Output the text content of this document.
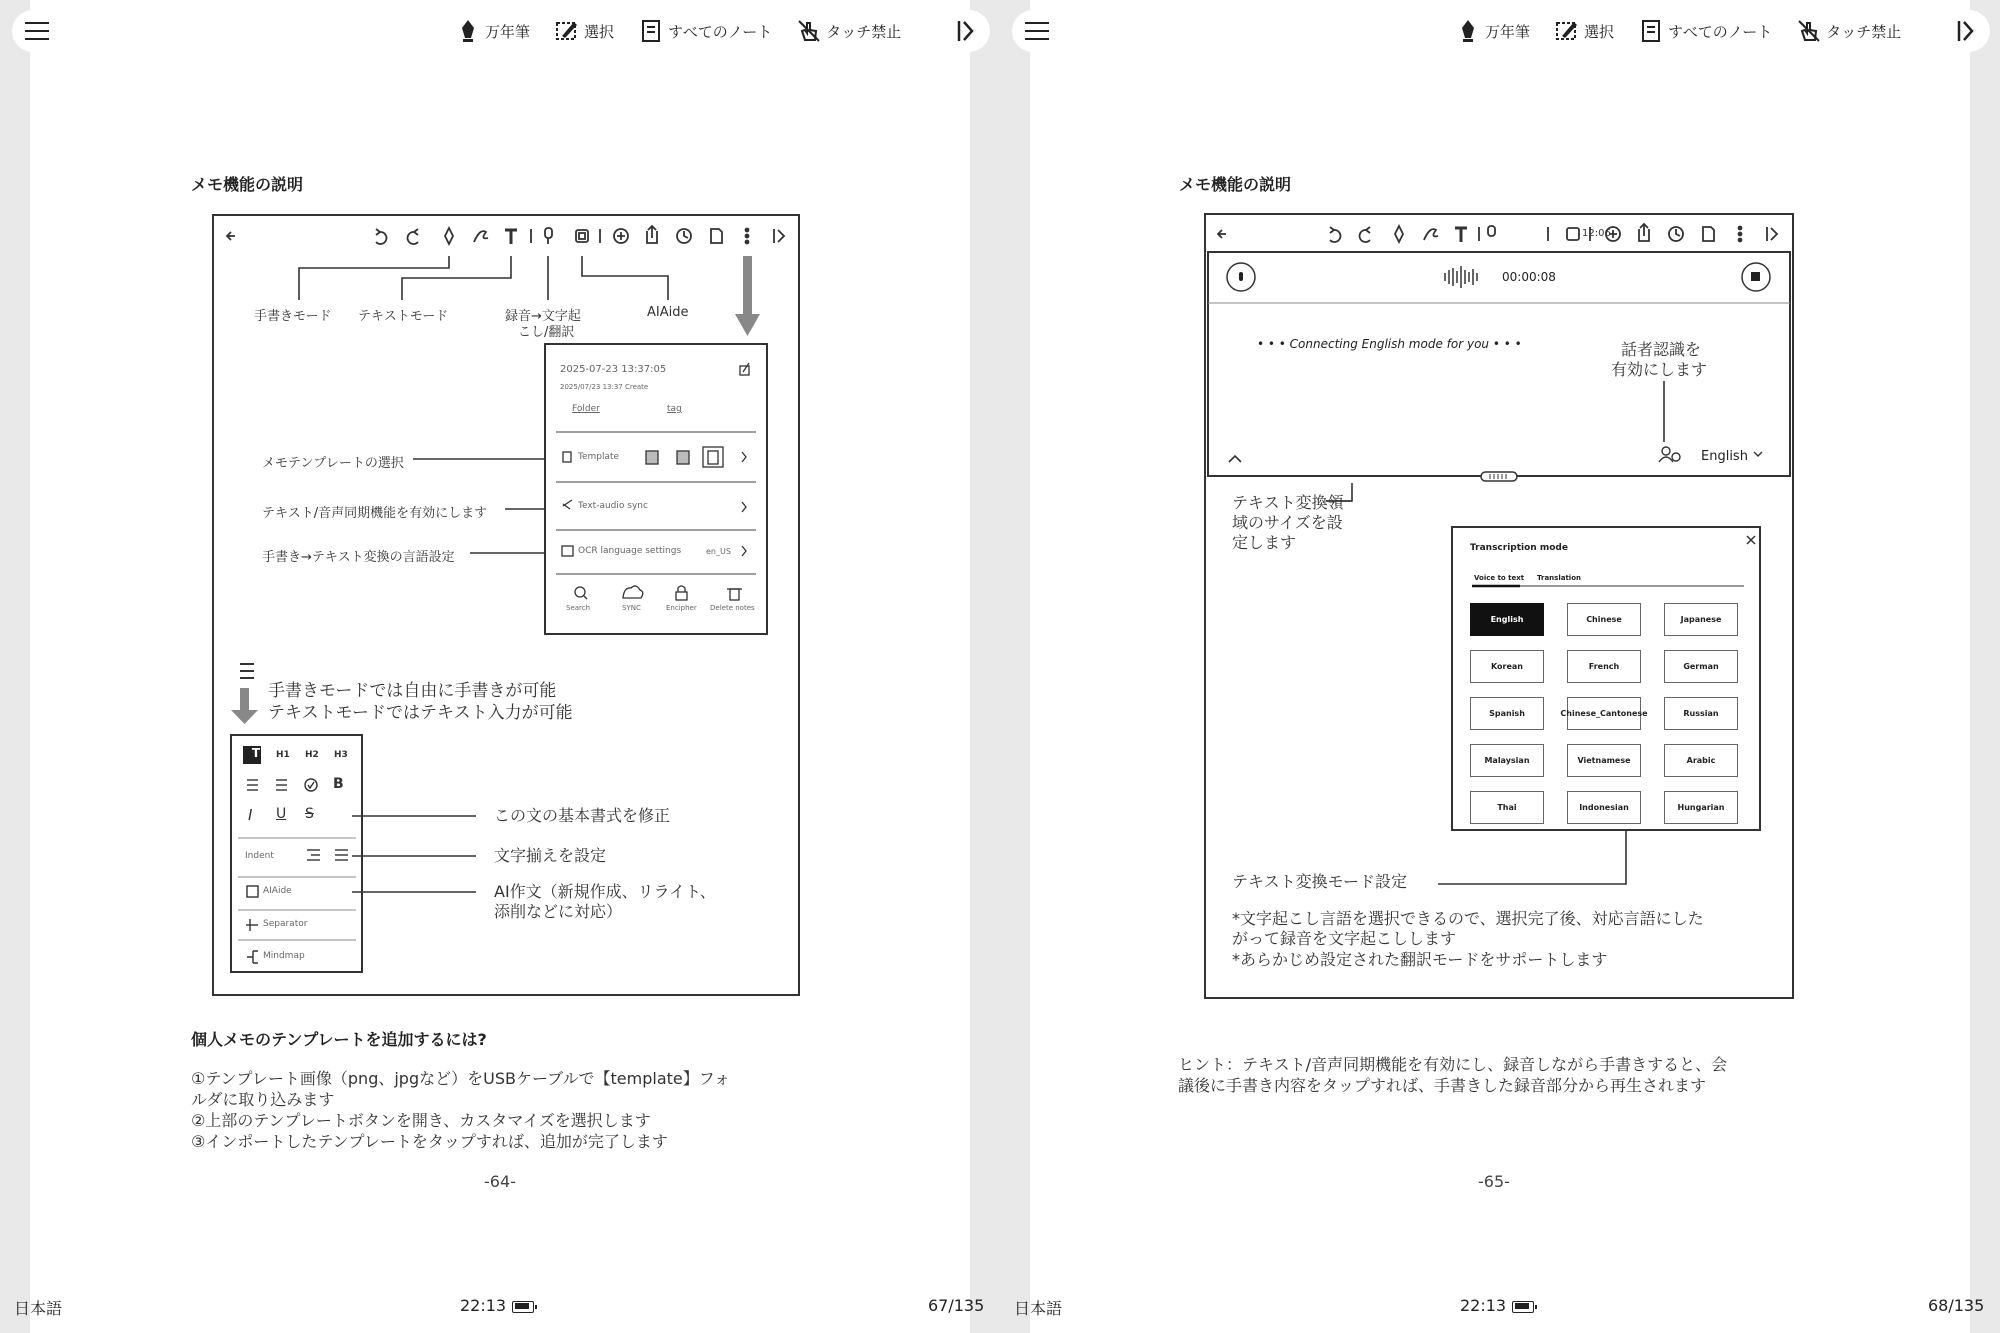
万年筆	選択	すべてのノート	タッチ禁止
メモ機能の説明
手書きモード テキストモード	録音→文字起
こし/翻訳
AIAide
2025-07-23 13:37:05
2025/07/23 13:37 Create
Folder	tag
Template
Text-audio sync
OCR language settings	en_US
Search	SYNC	Encipher Delete notes
メモテンプレートの選択
テキスト/音声同期機能を有効にします
手書き→テキスト変換の言語設定
手書きモードでは自由に手書きが可能
テキストモードではテキスト入力が可能
T	H1 H2 H3
B
I U S
Indent
AIAide
Separator
Mindmap
この文の基本書式を修正
文字揃えを設定
AI作文（新規作成、リライト、
添削などに対応）
個人メモのテンプレートを追加するには?
①テンプレート画像（png、jpgなど）をUSBケーブルで【template】フォ
ルダに取り込みます
②上部のテンプレートボタンを開き、カスタマイズを選択します
③インポートしたテンプレートをタップすれば、追加が完了します
-64-
日本語	22:13	67/135
万年筆	選択	すべてのノート	タッチ禁止
メモ機能の説明
12:06
00:00:08
• • • Connecting English mode for you • • •	話者認識を
有効にします
English
テキスト変換領
域のサイズを設
定します	Transcription mode
Voice to text Translation
English	Chinese	Japanese
Korean	French	German
Spanish	Chinese_Cantonese	Russian
Malaysian	Vietnamese	Arabic
Thai	Indonesian	Hungarian
テキスト変換モード設定
*文字起こし言語を選択できるので、選択完了後、対応言語にした
がって録音を文字起こしします
*あらかじめ設定された翻訳モードをサポートします
ヒント：テキスト/音声同期機能を有効にし、録音しながら手書きすると、会
議後に手書き内容をタップすれば、手書きした録音部分から再生されます
-65-
日本語	22:13	68/135
